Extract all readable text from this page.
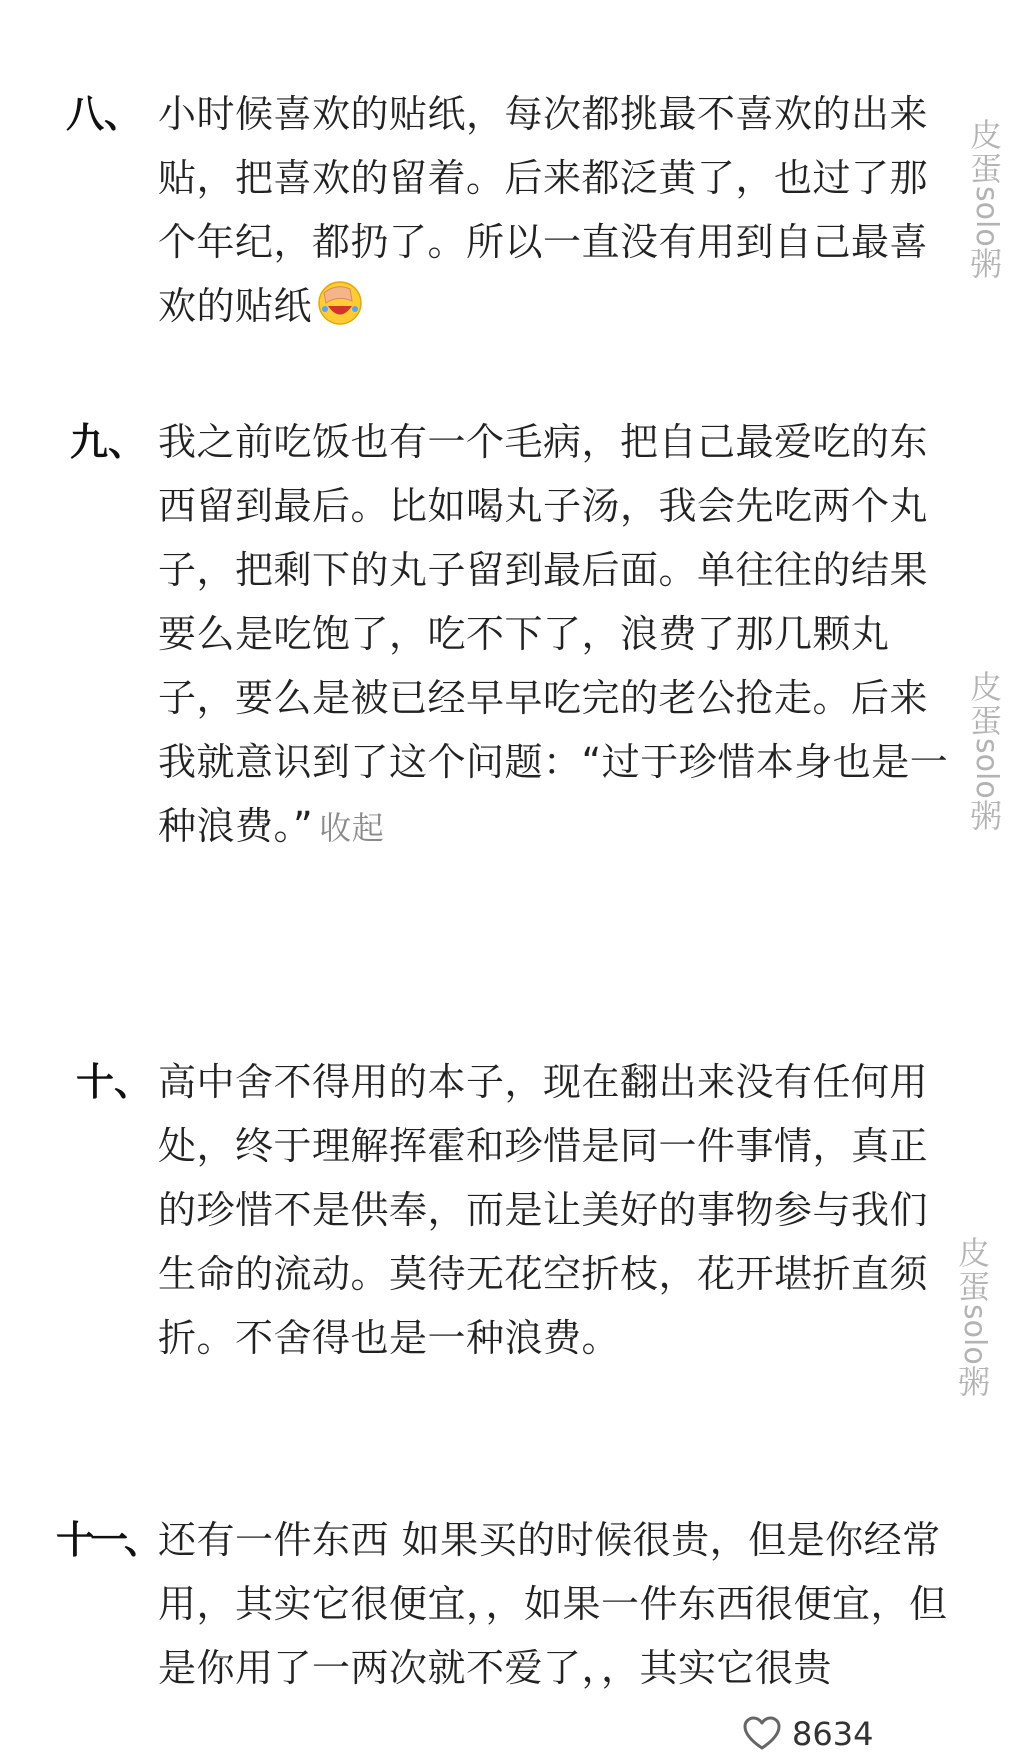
八、 小时候喜欢的贴纸，每次都挑最不喜欢的出来贴，把喜欢的留着。后来都泛黄了，也过了那个年纪，都扔了。所以一直没有用到自己最喜欢的贴纸
九、 我之前吃饭也有一个毛病，把自己最爱吃的东西留到最后。比如喝丸子汤，我会先吃两个丸子，把剩下的丸子留到最后面。单往往的结果要么是吃饱了，吃不下了，浪费了那几颗丸子，要么是被已经早早吃完的老公抢走。后来我就意识到了这个问题：“过于珍惜本身也是一种浪费。” 收起
十、 高中舍不得用的本子，现在翻出来没有任何用处，终于理解挥霍和珍惜是同一件事情，真正的珍惜不是供奉，而是让美好的事物参与我们生命的流动。莫待无花空折枝，花开堪折直须折。不舍得也是一种浪费。
十一、 还有一件东西 如果买的时候很贵，但是你经常用，其实它很便宜，，如果一件东西很便宜，但是你用了一两次就不爱了，，其实它很贵
皮 蛋
solo
粥
皮 蛋
solo
粥
皮 蛋
solo
粥
8634
